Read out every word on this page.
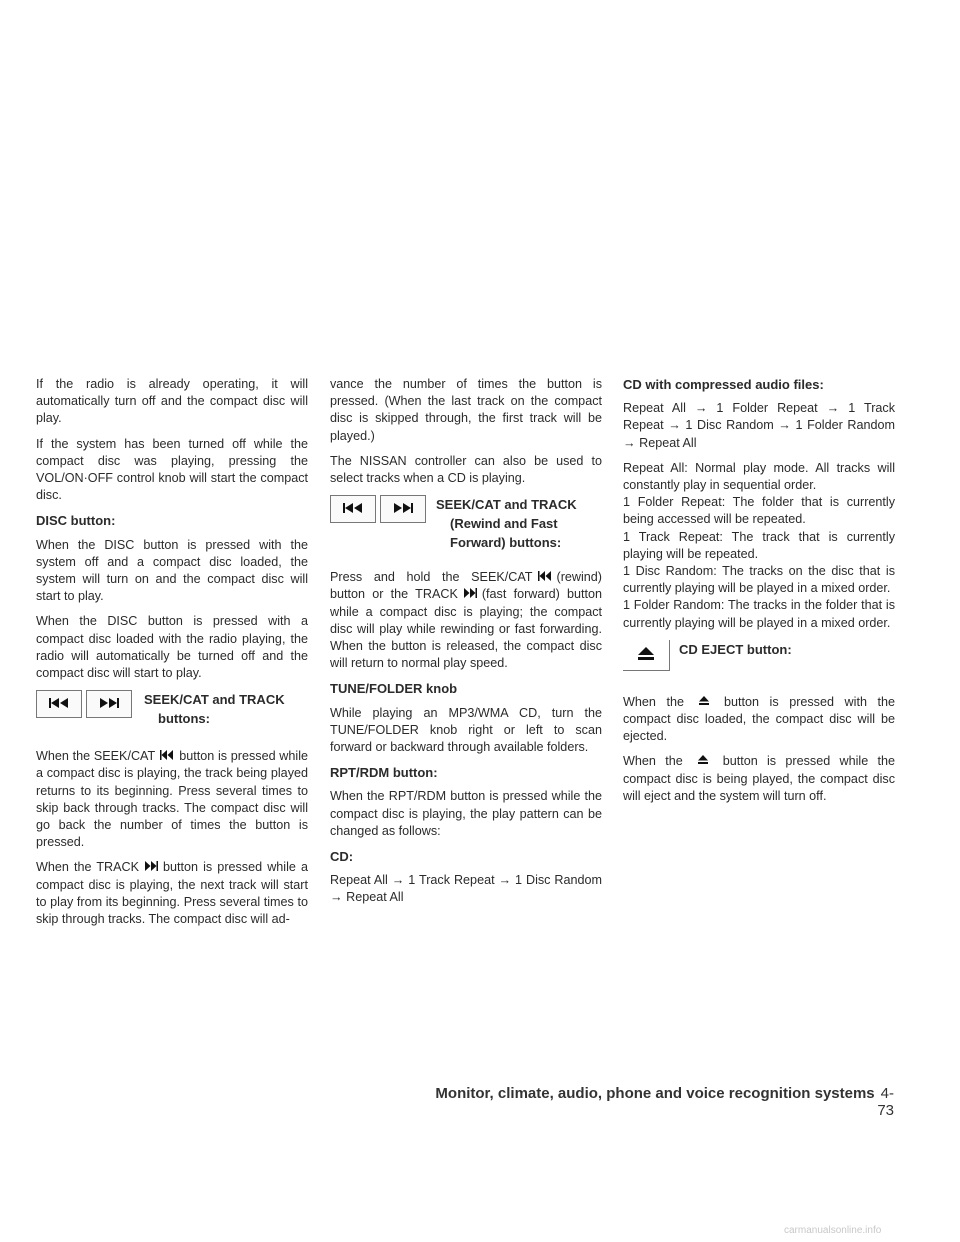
If the radio is already operating, it will automatically turn off and the compact disc will play.

If the system has been turned off while the compact disc was playing, pressing the VOL/ON·OFF control knob will start the compact disc.

DISC button:

When the DISC button is pressed with the system off and a compact disc loaded, the system will turn on and the compact disc will start to play.

When the DISC button is pressed with a compact disc loaded with the radio playing, the radio will automatically be turned off and the compact disc will start to play.

SEEK/CAT and TRACK
buttons:

When the SEEK/CAT button is pressed while a compact disc is playing, the track being played returns to its beginning. Press several times to skip back through tracks. The compact disc will go back the number of times the button is pressed.

When the TRACK button is pressed while a compact disc is playing, the next track will start to play from its beginning. Press several times to skip through tracks. The compact disc will ad-

vance the number of times the button is pressed. (When the last track on the compact disc is skipped through, the first track will be played.)

The NISSAN controller can also be used to select tracks when a CD is playing.

SEEK/CAT and TRACK
(Rewind and Fast
Forward) buttons:

Press and hold the SEEK/CAT (rewind) button or the TRACK (fast forward) button while a compact disc is playing; the compact disc will play while rewinding or fast forwarding. When the button is released, the compact disc will return to normal play speed.

TUNE/FOLDER knob

While playing an MP3/WMA CD, turn the TUNE/FOLDER knob right or left to scan forward or backward through available folders.

RPT/RDM button:

When the RPT/RDM button is pressed while the compact disc is playing, the play pattern can be changed as follows:

CD:

Repeat All → 1 Track Repeat → 1 Disc Random → Repeat All

CD with compressed audio files:

Repeat All → 1 Folder Repeat → 1 Track Repeat → 1 Disc Random → 1 Folder Random → Repeat All

Repeat All: Normal play mode. All tracks will constantly play in sequential order.

1 Folder Repeat: The folder that is currently being accessed will be repeated.

1 Track Repeat: The track that is currently playing will be repeated.

1 Disc Random: The tracks on the disc that is currently playing will be played in a mixed order.

1 Folder Random: The tracks in the folder that is currently playing will be played in a mixed order.

CD EJECT button:

When the	button is pressed with the compact disc loaded, the compact disc will be ejected.

When the	button is pressed while the compact disc is being played, the compact disc will eject and the system will turn off.

Monitor, climate, audio, phone and voice recognition systems 4-73
carmanualsonline.info
